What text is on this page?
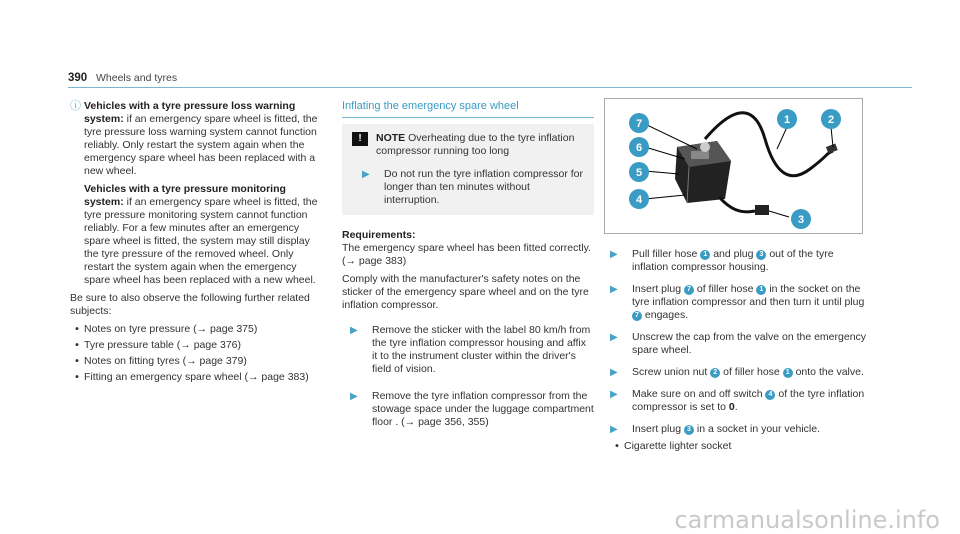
390 Wheels and tyres
ⓘ Vehicles with a tyre pressure loss warning system: if an emergency spare wheel is fitted, the tyre pressure loss warning system cannot function reliably. Only restart the system again when the emergency spare wheel has been replaced with a new wheel.

Vehicles with a tyre pressure monitoring system: if an emergency spare wheel is fitted, the tyre pressure monitoring system cannot function reliably. For a few minutes after an emergency spare wheel is fitted, the system may still display the tyre pressure of the removed wheel. Only restart the system again when the emergency spare wheel has been replaced with a new wheel.

Be sure to also observe the following further related subjects:

• Notes on tyre pressure (→ page 375)
• Tyre pressure table (→ page 376)
• Notes on fitting tyres (→ page 379)
• Fitting an emergency spare wheel (→ page 383)
Inflating the emergency spare wheel
!	NOTE Overheating due to the tyre inflation compressor running too long
▶	Do not run the tyre inflation compressor for longer than ten minutes without interruption.

Requirements:

The emergency spare wheel has been fitted correctly. (→ page 383)

Comply with the manufacturer's safety notes on the sticker of the emergency spare wheel and on the tyre inflation compressor.

▶	Remove the sticker with the label 80 km/h from the tyre inflation compressor housing and affix it to the instrument cluster within the driver's field of vision.
▶	Remove the tyre inflation compressor from the stowage space under the luggage compartment floor . (→ page 356, 355)
7
6
5
4
1	2
3
▶	Pull filler hose 1 and plug 3 out of the tyre inflation compressor housing.
▶	Insert plug 7 of filler hose 1 in the socket on the tyre inflation compressor and then turn it until plug 7 engages.
▶	Unscrew the cap from the valve on the emergency spare wheel.
▶	Screw union nut 2 of filler hose 1 onto the valve.
▶	Make sure on and off switch 4 of the tyre inflation compressor is set to 0.
▶	Insert plug 3 in a socket in your vehicle.
• Cigarette lighter socket
carmanualsonline.info
